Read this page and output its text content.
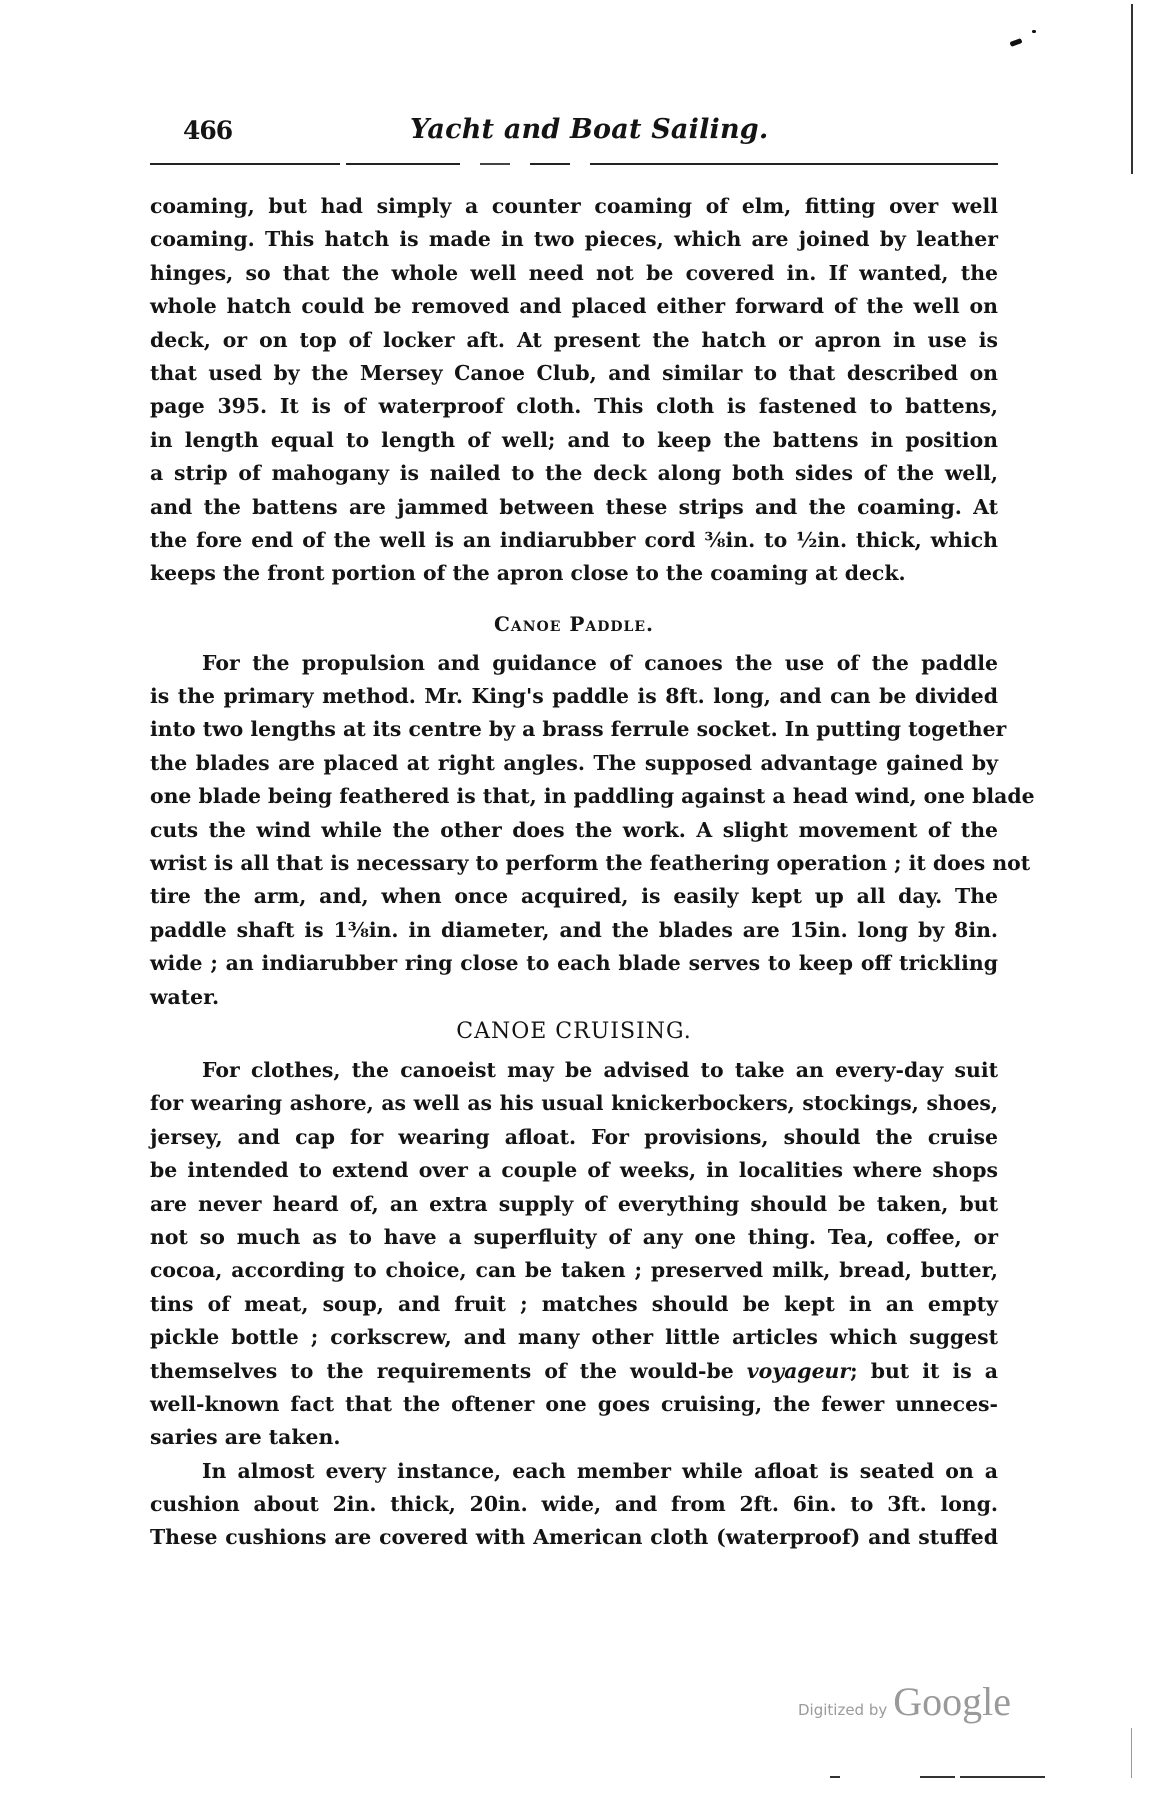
466	Yacht and Boat Sailing.
coaming, but had simply a counter coaming of elm, fitting over well
coaming. This hatch is made in two pieces, which are joined by leather
hinges, so that the whole well need not be covered in. If wanted, the
whole hatch could be removed and placed either forward of the well on
deck, or on top of locker aft. At present the hatch or apron in use is
that used by the Mersey Canoe Club, and similar to that described on
page 395. It is of waterproof cloth. This cloth is fastened to battens,
in length equal to length of well; and to keep the battens in position
a strip of mahogany is nailed to the deck along both sides of the well,
and the battens are jammed between these strips and the coaming. At
the fore end of the well is an indiarubber cord ⅜in. to ½in. thick, which
keeps the front portion of the apron close to the coaming at deck.
Canoe Paddle.
For the propulsion and guidance of canoes the use of the paddle
is the primary method. Mr. King's paddle is 8ft. long, and can be divided
into two lengths at its centre by a brass ferrule socket. In putting together
the blades are placed at right angles. The supposed advantage gained by
one blade being feathered is that, in paddling against a head wind, one blade
cuts the wind while the other does the work. A slight movement of the
wrist is all that is necessary to perform the feathering operation ; it does not
tire the arm, and, when once acquired, is easily kept up all day. The
paddle shaft is 1⅜in. in diameter, and the blades are 15in. long by 8in.
wide ; an indiarubber ring close to each blade serves to keep off trickling
water.
CANOE CRUISING.
For clothes, the canoeist may be advised to take an every-day suit
for wearing ashore, as well as his usual knickerbockers, stockings, shoes,
jersey, and cap for wearing afloat. For provisions, should the cruise
be intended to extend over a couple of weeks, in localities where shops
are never heard of, an extra supply of everything should be taken, but
not so much as to have a superfluity of any one thing. Tea, coffee, or
cocoa, according to choice, can be taken ; preserved milk, bread, butter,
tins of meat, soup, and fruit ; matches should be kept in an empty
pickle bottle ; corkscrew, and many other little articles which suggest
themselves to the requirements of the would-be voyageur; but it is a
well-known fact that the oftener one goes cruising, the fewer unneces-
saries are taken.
In almost every instance, each member while afloat is seated on a
cushion about 2in. thick, 20in. wide, and from 2ft. 6in. to 3ft. long.
These cushions are covered with American cloth (waterproof) and stuffed
Digitized by Google
